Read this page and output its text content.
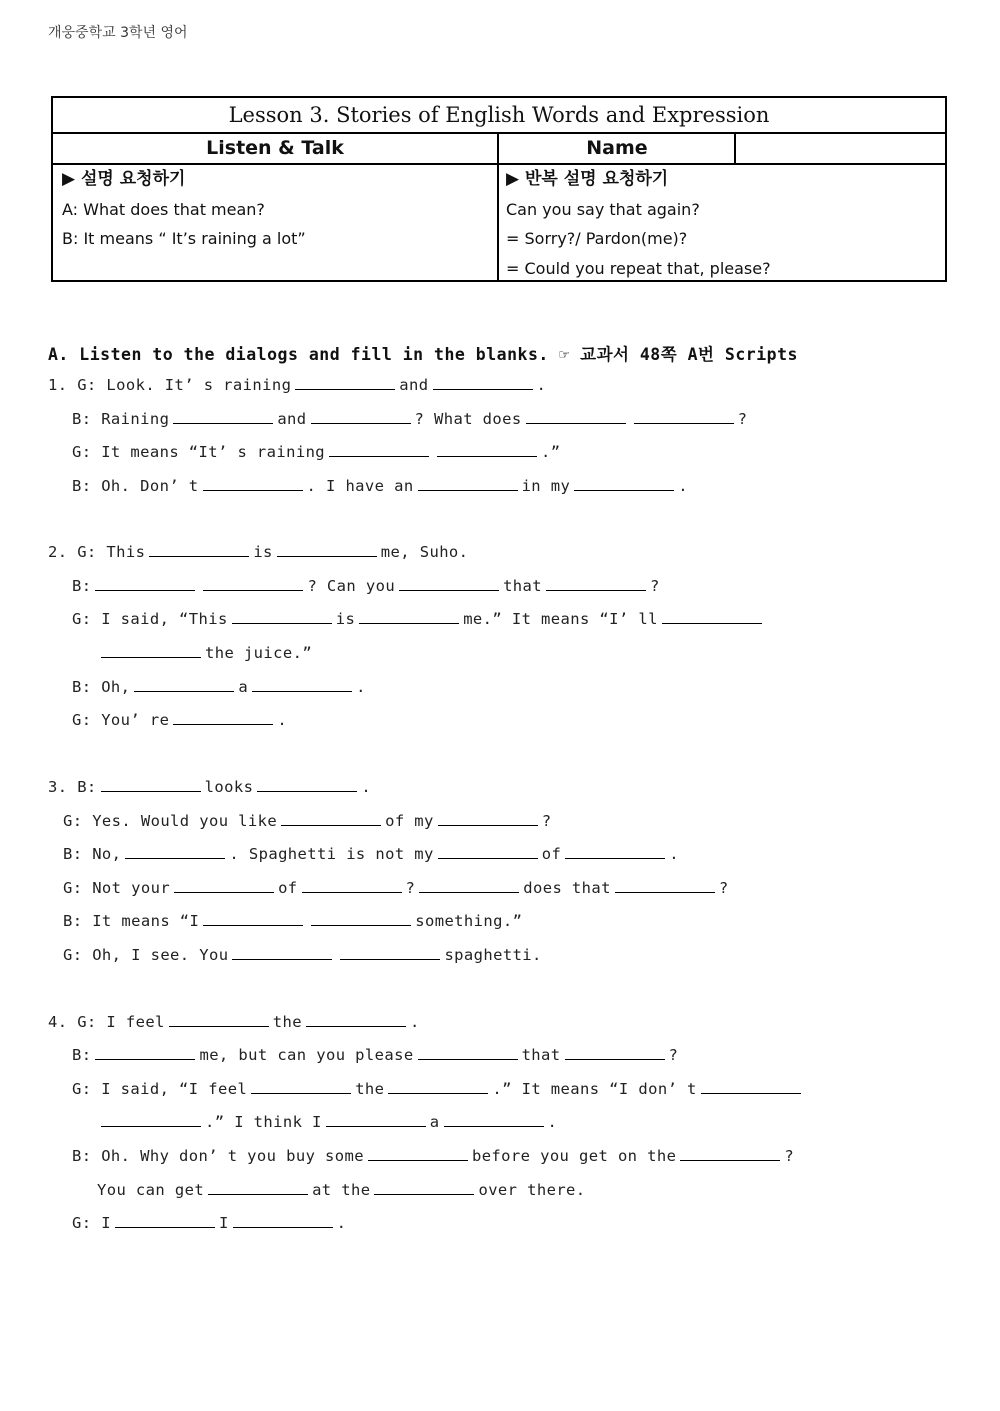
개웅중학교 3학년 영어
Lesson 3. Stories of English Words and Expression
Listen & Talk	Name
▶ 설명 요청하기
A: What does that mean?
B: It means “ It’s raining a lot”
▶ 반복 설명 요청하기
Can you say that again?
= Sorry?/ Pardon(me)?
= Could you repeat that, please?
A. Listen to the dialogs and fill in the blanks. ☞ 교과서 48쪽 A번 Scripts
1. G: Look. It’ s raining	and	.
B: Raining	and	? What does	?
G: It means “It’ s raining	.”
B: Oh. Don’ t	. I have an	in my	.
2. G: This	is	me, Suho.
B:	? Can you	that	?
G: I said, “This	is	me.” It means “I’ ll
the juice.”
B: Oh,	a	.
G: You’ re	.
3. B:	looks	.
G: Yes. Would you like	of my	?
B: No,	. Spaghetti is not my	of	.
G: Not your	of	?	does that	?
B: It means “I	something.”
G: Oh, I see. You	spaghetti.
4. G: I feel	the	.
B:	me, but can you please	that	?
G: I said, “I feel	the	.” It means “I don’ t
.” I think I	a	.
B: Oh. Why don’ t you buy some	before you get on the	?
You can get	at the	over there.
G: I	I	.
